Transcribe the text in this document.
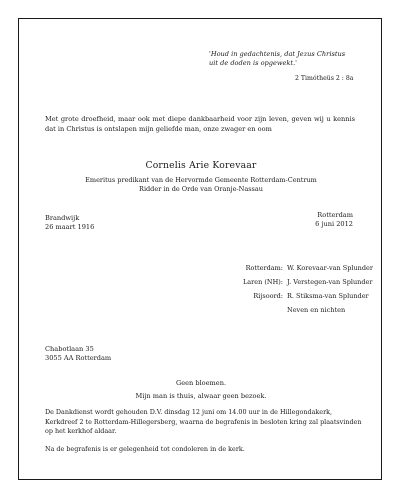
'Houd in gedachtenis, dat Jezus Christus
uit de doden is opgewekt.'
2 Timótheüs 2 : 8a
Met grote droefheid, maar ook met diepe dankbaarheid voor zijn leven, geven wij u kennis dat in Christus is ontslapen mijn geliefde man, onze zwager en oom
Cornelis Arie Korevaar
Emeritus predikant van de Hervormde Gemeente Rotterdam-Centrum
Ridder in de Orde van Oranje-Nassau
Brandwijk
26 maart 1916
Rotterdam
6 juni 2012
Rotterdam: W. Korevaar-van Splunder
Laren (NH): J. Verstegen-van Splunder
Rijsoord: R. Stiksma-van Splunder
Neven en nichten
Chabotlaan 35
3055 AA Rotterdam
Geen bloemen.
Mijn man is thuis, alwaar geen bezoek.
De Dankdienst wordt gehouden D.V. dinsdag 12 juni om 14.00 uur in de Hillegondakerk, Kerkdreef 2 te Rotterdam-Hillegersberg, waarna de begrafenis in besloten kring zal plaatsvinden op het kerkhof aldaar.
Na de begrafenis is er gelegenheid tot condoleren in de kerk.
